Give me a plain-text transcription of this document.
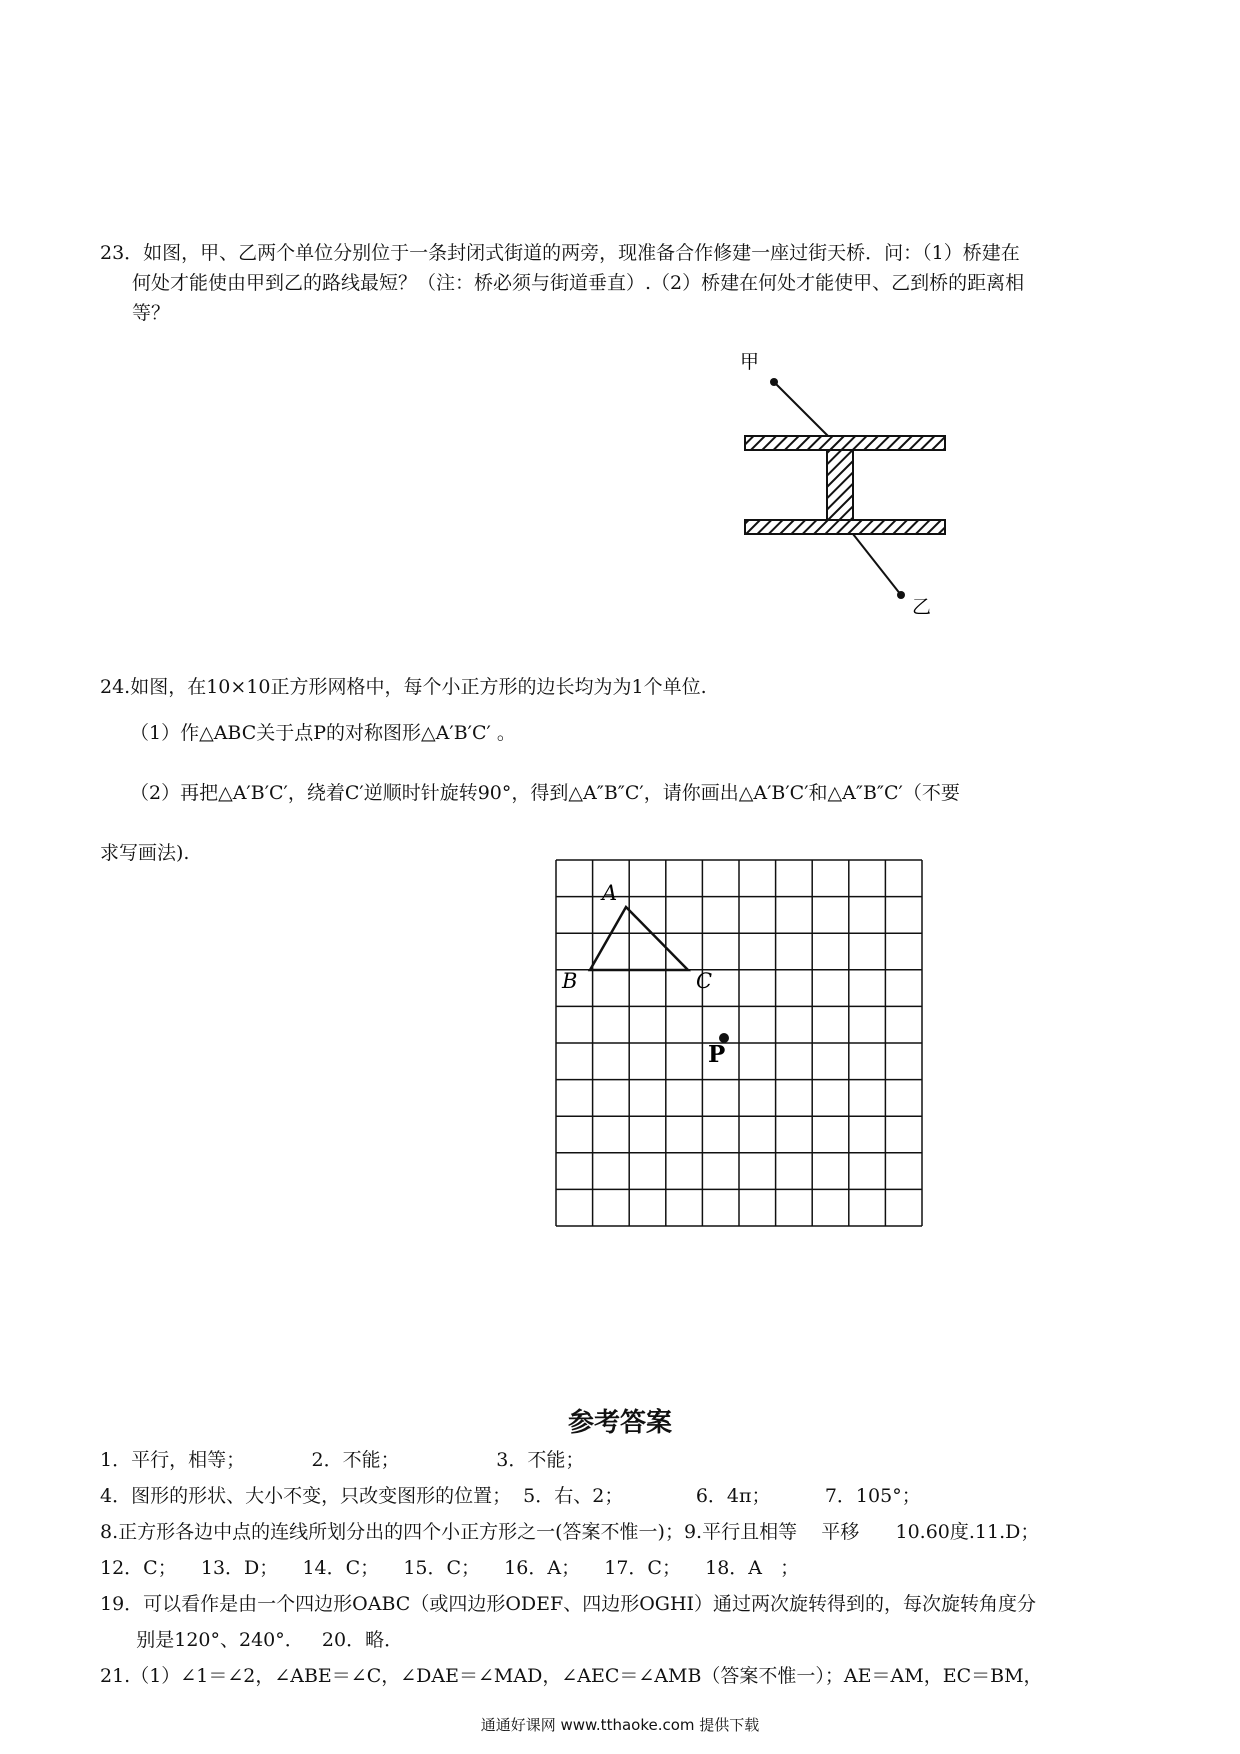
23．如图，甲、乙两个单位分别位于一条封闭式街道的两旁，现准备合作修建一座过街天桥．问：（1）桥建在
何处才能使由甲到乙的路线最短？（注：桥必须与街道垂直）.（2）桥建在何处才能使甲、乙到桥的距离相
等？
甲
乙
24.如图，在10×10正方形网格中，每个小正方形的边长均为为1个单位.
（1）作△ABC关于点P的对称图形△A′B′C′ 。
（2）再把△A′B′C′，绕着C′逆顺时针旋转90°，得到△A″B″C′，请你画出△A′B′C′和△A″B″C′（不要
求写画法).
A
B	C
P
参考答案
1．平行，相等；           2．不能；                3．不能；
4．图形的形状、大小不变，只改变图形的位置；  5．右、2；            6．4π；         7．105°；
8.正方形各边中点的连线所划分出的四个小正方形之一(答案不惟一)；9.平行且相等    平移      10.60度.11.D；
12．C；    13．D；    14．C；    15．C；    16．A；    17．C；    18．A   ；
19．可以看作是由一个四边形OABC（或四边形ODEF、四边形OGHI）通过两次旋转得到的，每次旋转角度分
别是120°、240°．   20．略．
21.（1）∠1＝∠2，∠ABE＝∠C，∠DAE＝∠MAD，∠AEC＝∠AMB（答案不惟一）；AE＝AM，EC＝BM，
通通好课网 www.tthaoke.com 提供下载
